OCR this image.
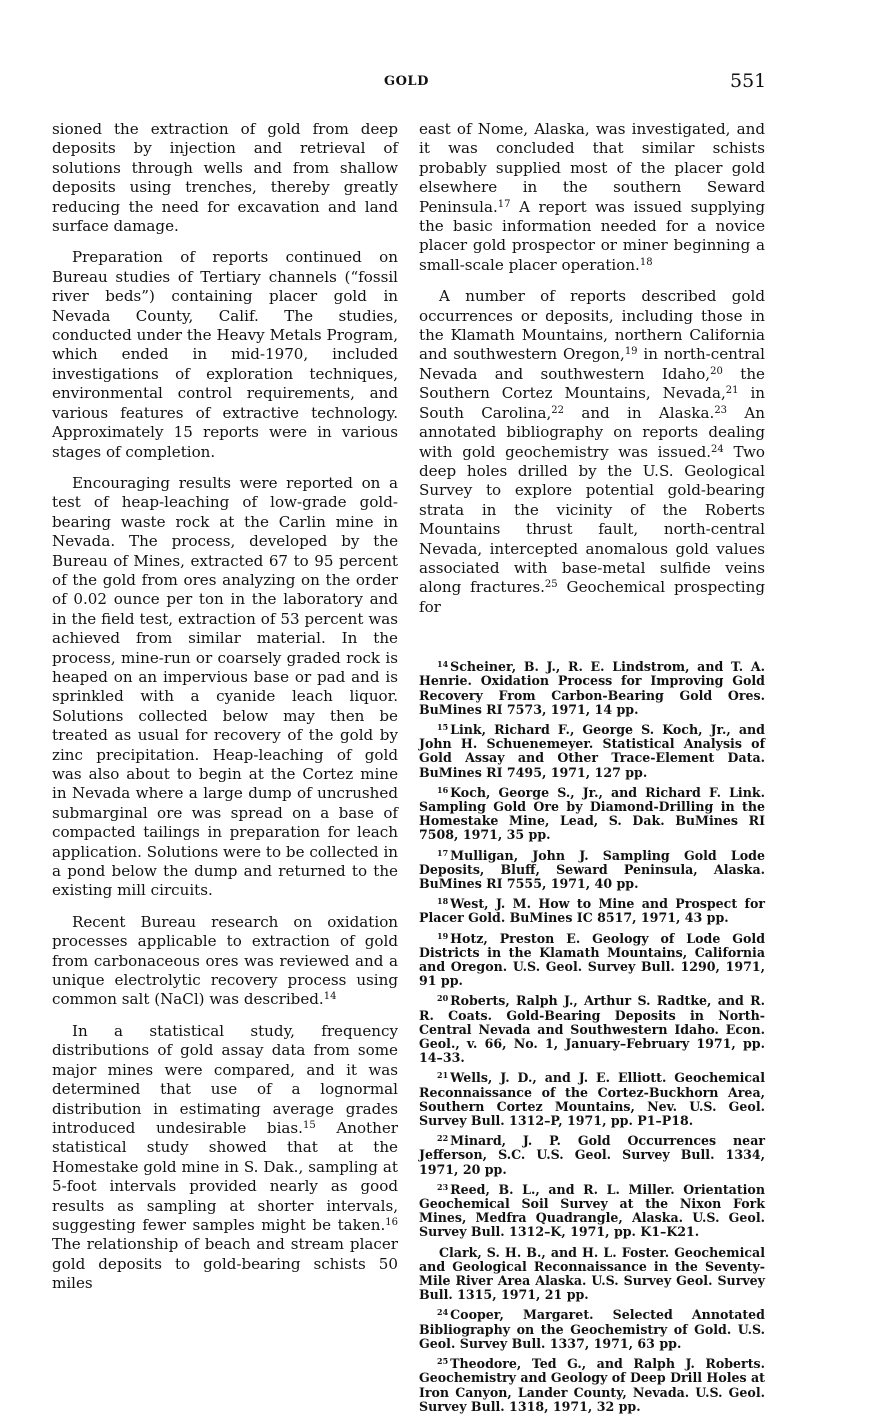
GOLD	551

sioned the extraction of gold from deep deposits by injection and retrieval of solutions through wells and from shallow deposits using trenches, thereby greatly reducing the need for excavation and land surface damage.

Preparation of reports continued on Bureau studies of Tertiary channels (“fossil river beds”) containing placer gold in Nevada County, Calif. The studies, conducted under the Heavy Metals Program, which ended in mid-1970, included investigations of exploration techniques, environmental control requirements, and various features of extractive technology. Approximately 15 reports were in various stages of completion.

Encouraging results were reported on a test of heap-leaching of low-grade gold-bearing waste rock at the Carlin mine in Nevada. The process, developed by the Bureau of Mines, extracted 67 to 95 percent of the gold from ores analyzing on the order of 0.02 ounce per ton in the laboratory and in the field test, extraction of 53 percent was achieved from similar material. In the process, mine-run or coarsely graded rock is heaped on an impervious base or pad and is sprinkled with a cyanide leach liquor. Solutions collected below may then be treated as usual for recovery of the gold by zinc precipitation. Heap-leaching of gold was also about to begin at the Cortez mine in Nevada where a large dump of uncrushed submarginal ore was spread on a base of compacted tailings in preparation for leach application. Solutions were to be collected in a pond below the dump and returned to the existing mill circuits.

Recent Bureau research on oxidation processes applicable to extraction of gold from carbonaceous ores was reviewed and a unique electrolytic recovery process using common salt (NaCl) was described.$^{14}$

In a statistical study, frequency distributions of gold assay data from some major mines were compared, and it was determined that use of a lognormal distribution in estimating average grades introduced undesirable bias.$^{15}$ Another statistical study showed that at the Homestake gold mine in S. Dak., sampling at 5-foot intervals provided nearly as good results as sampling at shorter intervals, suggesting fewer samples might be taken.$^{16}$ The relationship of beach and stream placer gold deposits to gold-bearing schists 50 miles

east of Nome, Alaska, was investigated, and it was concluded that similar schists probably supplied most of the placer gold elsewhere in the southern Seward Peninsula.$^{17}$ A report was issued supplying the basic information needed for a novice placer gold prospector or miner beginning a small-scale placer operation.$^{18}$

A number of reports described gold occurrences or deposits, including those in the Klamath Mountains, northern California and southwestern Oregon,$^{19}$ in north-central Nevada and southwestern Idaho,$^{20}$ the Southern Cortez Mountains, Nevada,$^{21}$ in South Carolina,$^{22}$ and in Alaska.$^{23}$ An annotated bibliography on reports dealing with gold geochemistry was issued.$^{24}$ Two deep holes drilled by the U.S. Geological Survey to explore potential gold-bearing strata in the vicinity of the Roberts Mountains thrust fault, north-central Nevada, intercepted anomalous gold values associated with base-metal sulfide veins along fractures.$^{25}$ Geochemical prospecting for

$^{14}$ Scheiner, B. J., R. E. Lindstrom, and T. A. Henrie. Oxidation Process for Improving Gold Recovery From Carbon-Bearing Gold Ores. BuMines RI 7573, 1971, 14 pp.

$^{15}$ Link, Richard F., George S. Koch, Jr., and John H. Schuenemeyer. Statistical Analysis of Gold Assay and Other Trace-Element Data. BuMines RI 7495, 1971, 127 pp.

$^{16}$ Koch, George S., Jr., and Richard F. Link. Sampling Gold Ore by Diamond-Drilling in the Homestake Mine, Lead, S. Dak. BuMines RI 7508, 1971, 35 pp.

$^{17}$ Mulligan, John J. Sampling Gold Lode Deposits, Bluff, Seward Peninsula, Alaska. BuMines RI 7555, 1971, 40 pp.

$^{18}$ West, J. M. How to Mine and Prospect for Placer Gold. BuMines IC 8517, 1971, 43 pp.

$^{19}$ Hotz, Preston E. Geology of Lode Gold Districts in the Klamath Mountains, California and Oregon. U.S. Geol. Survey Bull. 1290, 1971, 91 pp.

$^{20}$ Roberts, Ralph J., Arthur S. Radtke, and R. R. Coats. Gold-Bearing Deposits in North-Central Nevada and Southwestern Idaho. Econ. Geol., v. 66, No. 1, January–February 1971, pp. 14–33.

$^{21}$ Wells, J. D., and J. E. Elliott. Geochemical Reconnaissance of the Cortez-Buckhorn Area, Southern Cortez Mountains, Nev. U.S. Geol. Survey Bull. 1312–P, 1971, pp. P1–P18.

$^{22}$ Minard, J. P. Gold Occurrences near Jefferson, S.C. U.S. Geol. Survey Bull. 1334, 1971, 20 pp.

$^{23}$ Reed, B. L., and R. L. Miller. Orientation Geochemical Soil Survey at the Nixon Fork Mines, Medfra Quadrangle, Alaska. U.S. Geol. Survey Bull. 1312–K, 1971, pp. K1–K21.

Clark, S. H. B., and H. L. Foster. Geochemical and Geological Reconnaissance in the Seventy-Mile River Area Alaska. U.S. Survey Geol. Survey Bull. 1315, 1971, 21 pp.

$^{24}$ Cooper, Margaret. Selected Annotated Bibliography on the Geochemistry of Gold. U.S. Geol. Survey Bull. 1337, 1971, 63 pp.

$^{25}$ Theodore, Ted G., and Ralph J. Roberts. Geochemistry and Geology of Deep Drill Holes at Iron Canyon, Lander County, Nevada. U.S. Geol. Survey Bull. 1318, 1971, 32 pp.
